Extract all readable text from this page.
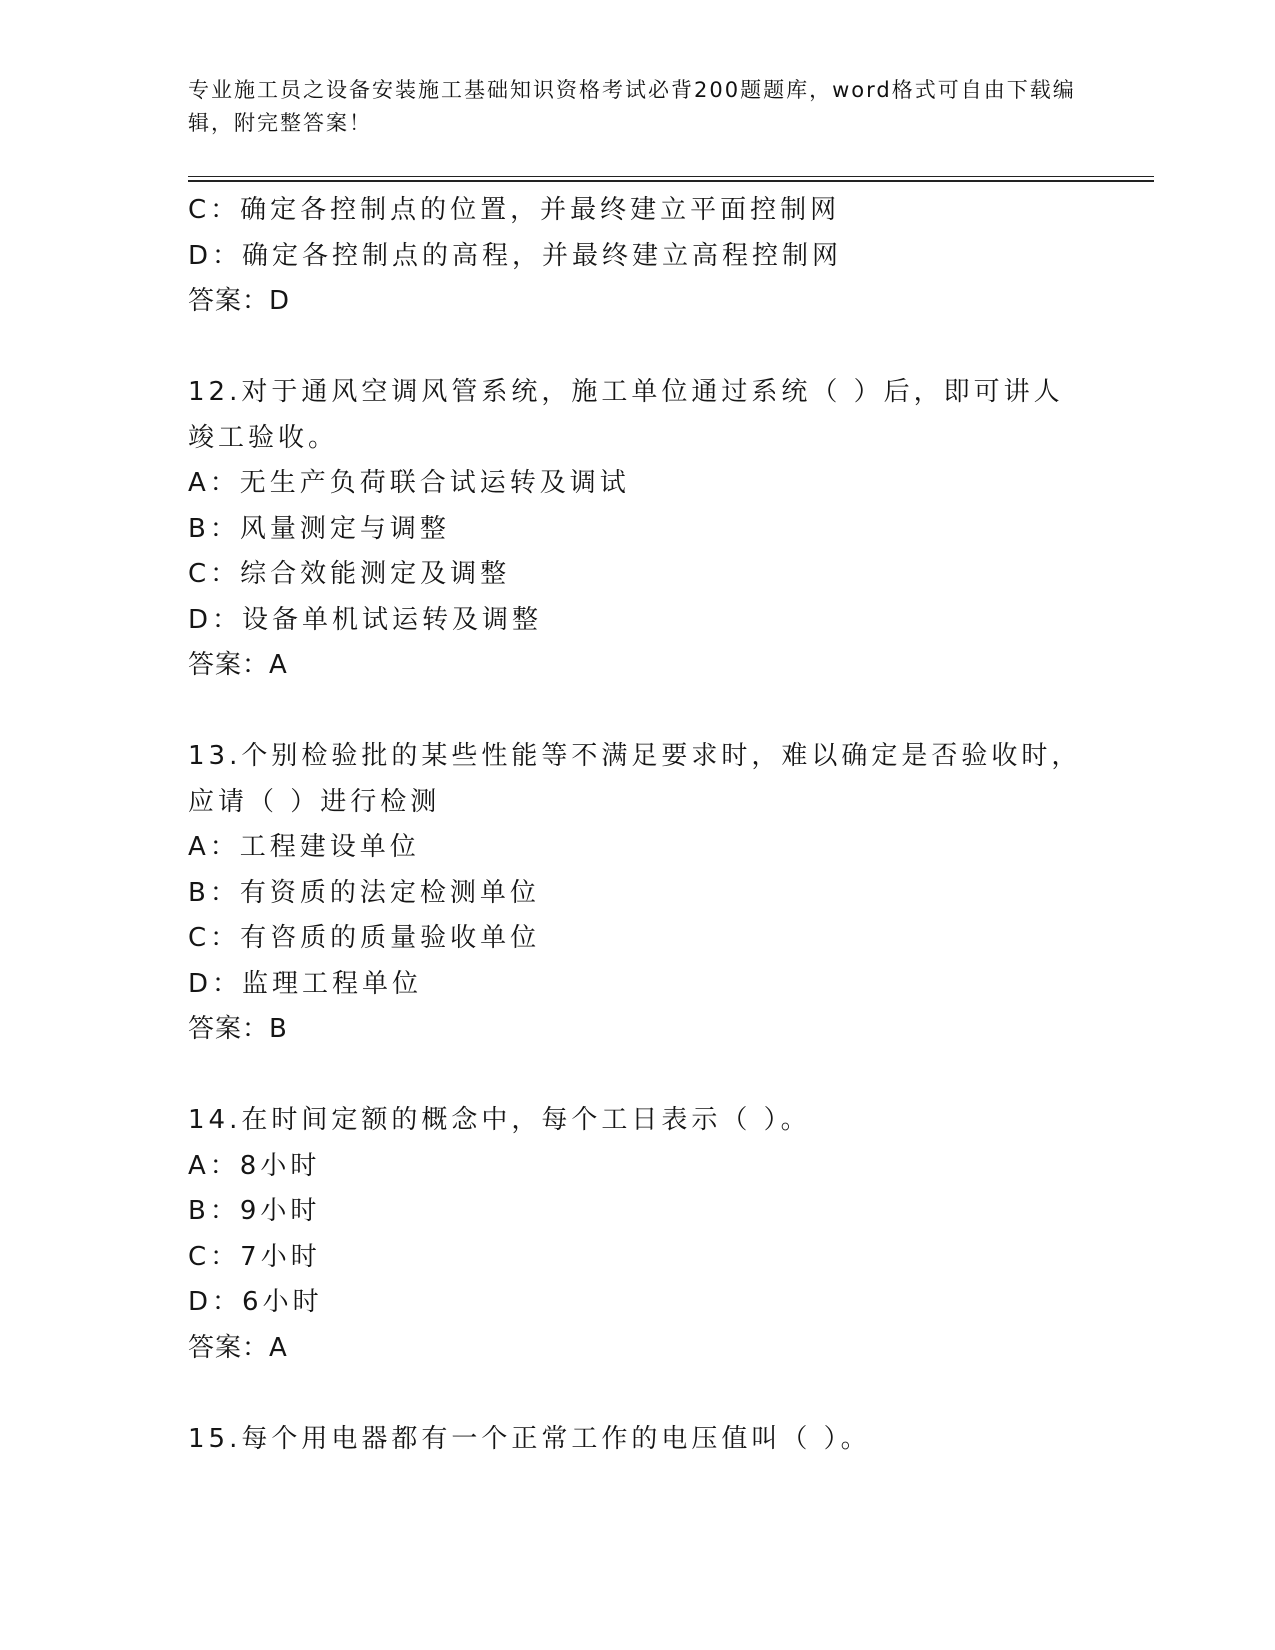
专业施工员之设备安装施工基础知识资格考试必背200题题库，word格式可自由下载编辑，附完整答案！
C：确定各控制点的位置，并最终建立平面控制网
D：确定各控制点的高程，并最终建立高程控制网
答案：D
12.对于通风空调风管系统，施工单位通过系统（ ）后，即可讲人竣工验收。
A：无生产负荷联合试运转及调试
B：风量测定与调整
C：综合效能测定及调整
D：设备单机试运转及调整
答案：A
13.个别检验批的某些性能等不满足要求时，难以确定是否验收时，应请（ ）进行检测
A：工程建设单位
B：有资质的法定检测单位
C：有咨质的质量验收单位
D：监理工程单位
答案：B
14.在时间定额的概念中，每个工日表示（ ）。
A：8小时
B：9小时
C：7小时
D：6小时
答案：A
15.每个用电器都有一个正常工作的电压值叫（ ）。
